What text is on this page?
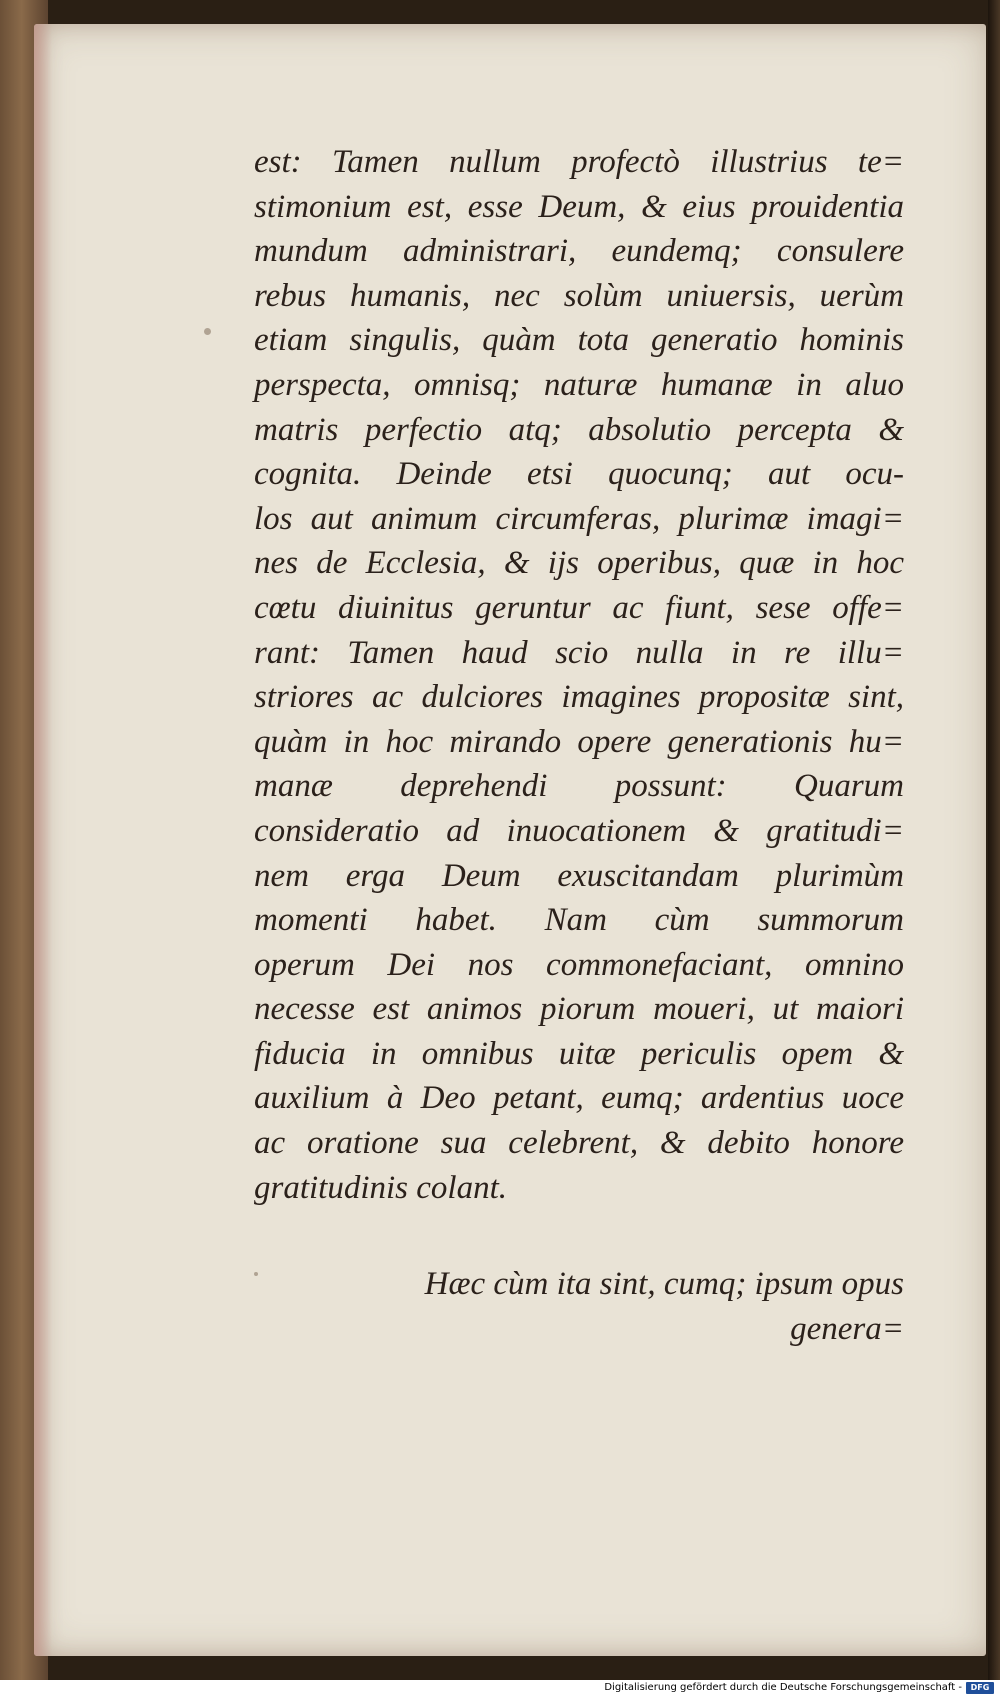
est: Tamen nullum profectò illustrius te=
stimonium est, esse Deum, & eius prouidentia
mundum administrari, eundemq; consulere
rebus humanis, nec solùm uniuersis, uerùm
etiam singulis, quàm tota generatio hominis
perspecta, omnisq; naturæ humanæ in aluo
matris perfectio atq; absolutio percepta &
cognita. Deinde etsi quocunq; aut ocu-
los aut animum circumferas, plurimæ imagi=
nes de Ecclesia, & ijs operibus, quæ in hoc
cœtu diuinitus geruntur ac fiunt, sese offe=
rant: Tamen haud scio nulla in re illu=
striores ac dulciores imagines propositæ sint,
quàm in hoc mirando opere generationis hu=
manæ deprehendi possunt: Quarum
consideratio ad inuocationem & gratitudi=
nem erga Deum exuscitandam plurimùm
momenti habet. Nam cùm summorum
operum Dei nos commonefaciant, omnino
necesse est animos piorum moueri, ut maiori
fiducia in omnibus uitæ periculis opem &
auxilium à Deo petant, eumq; ardentius uoce
ac oratione sua celebrent, & debito honore
gratitudinis colant.
Hæc cùm ita sint, cumq; ipsum opus
genera=
Digitalisierung gefördert durch die Deutsche Forschungsgemeinschaft -	DFG
